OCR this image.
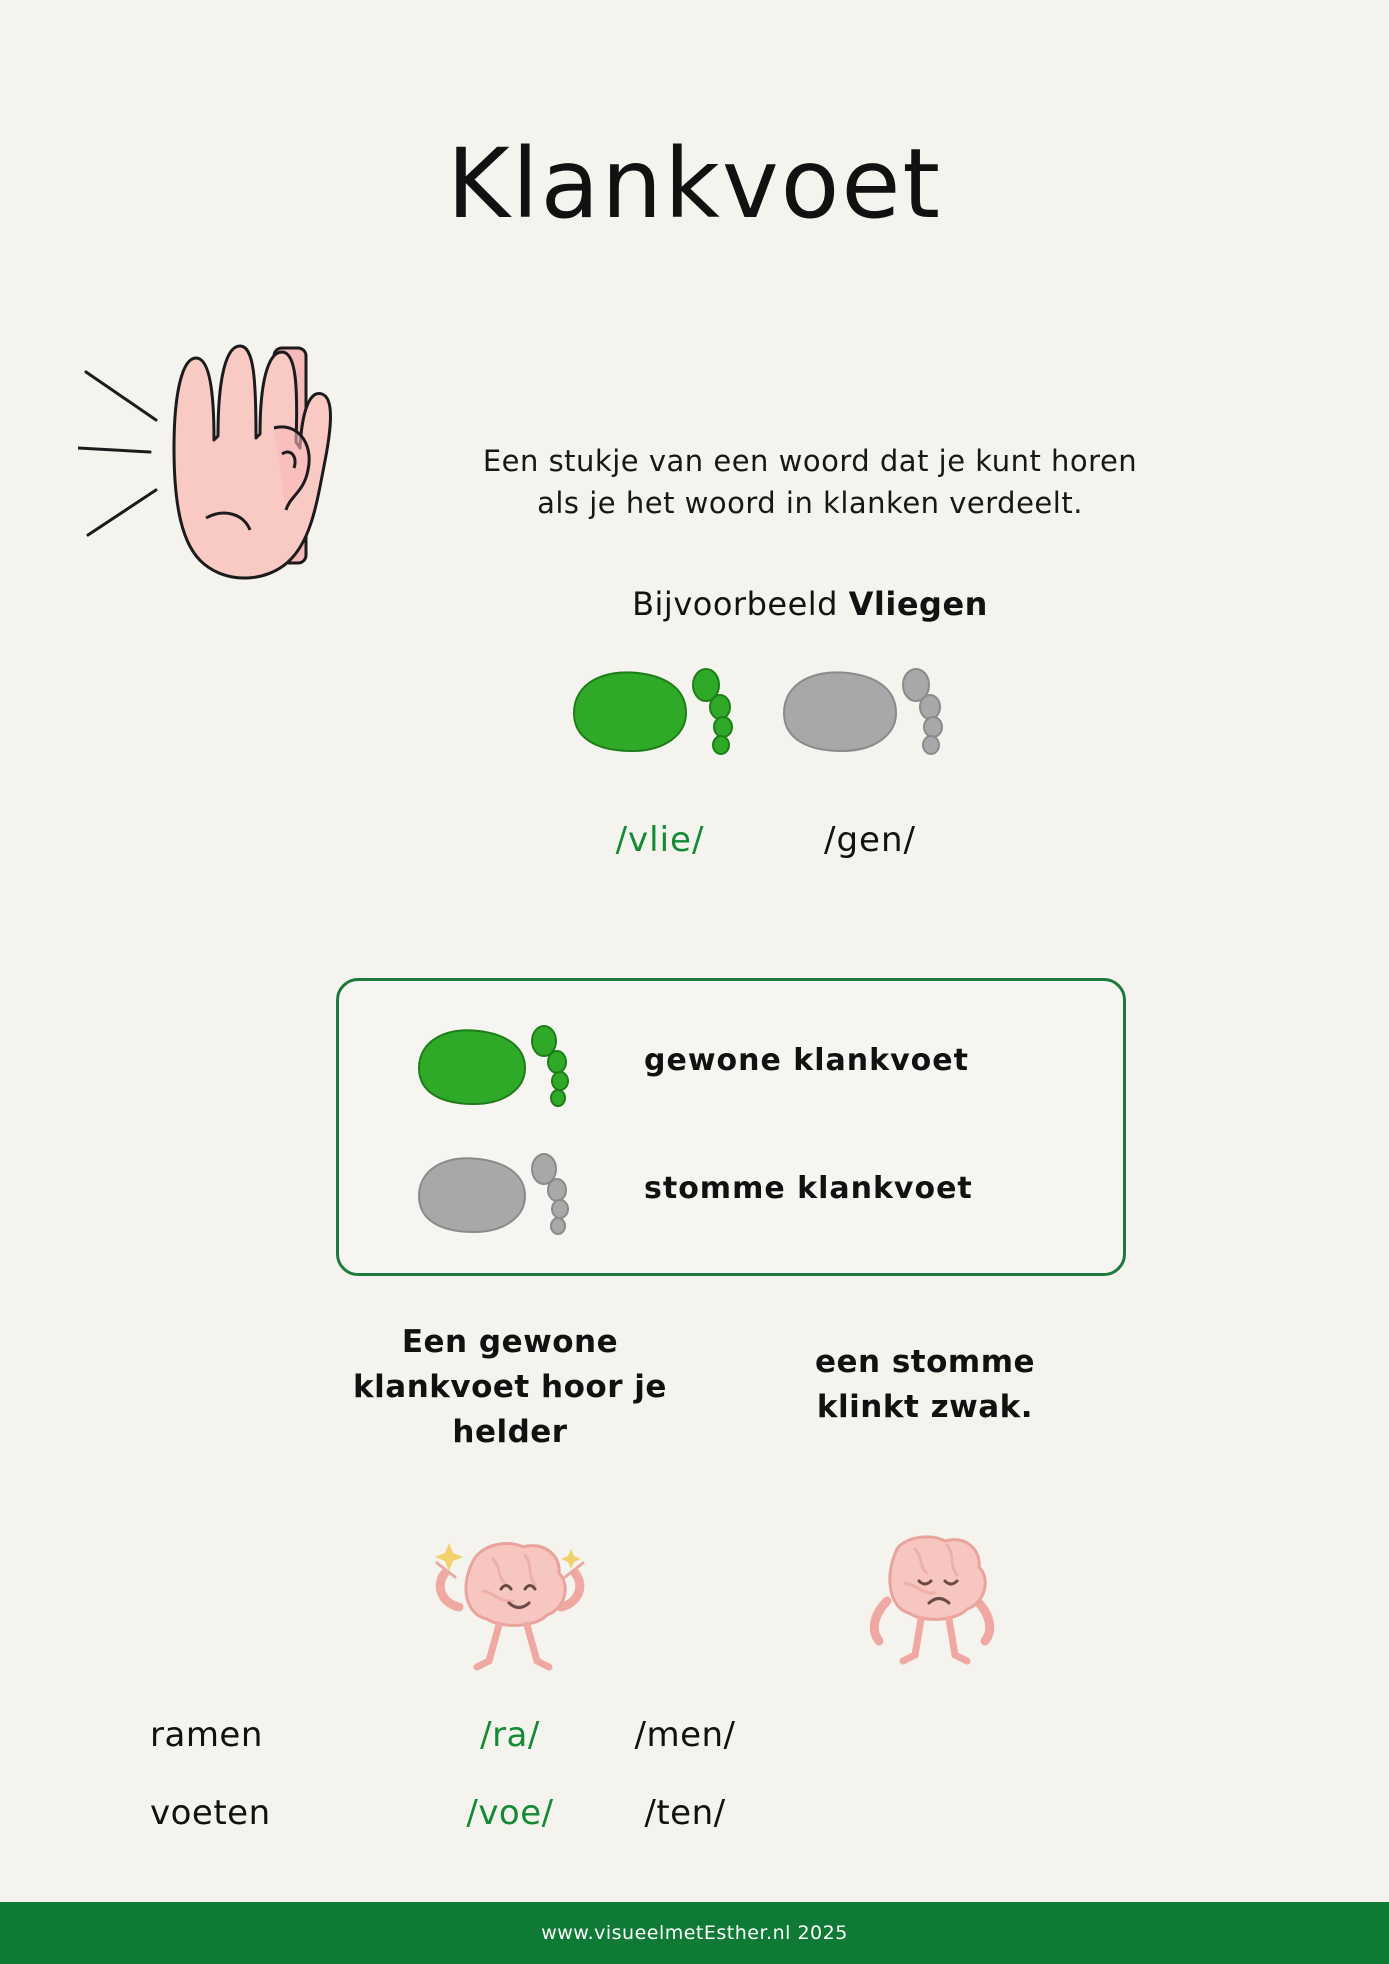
Klankvoet
Een stukje van een woord dat je kunt horen
als je het woord in klanken verdeelt.
Bijvoorbeeld Vliegen
/vlie/	/gen/
gewone klankvoet
stomme klankvoet
Een gewone klankvoet hoor je helder
een stomme klinkt zwak.
ramen	/ra/	/men/
voeten	/voe/	/ten/
www.visueelmetEsther.nl 2025
